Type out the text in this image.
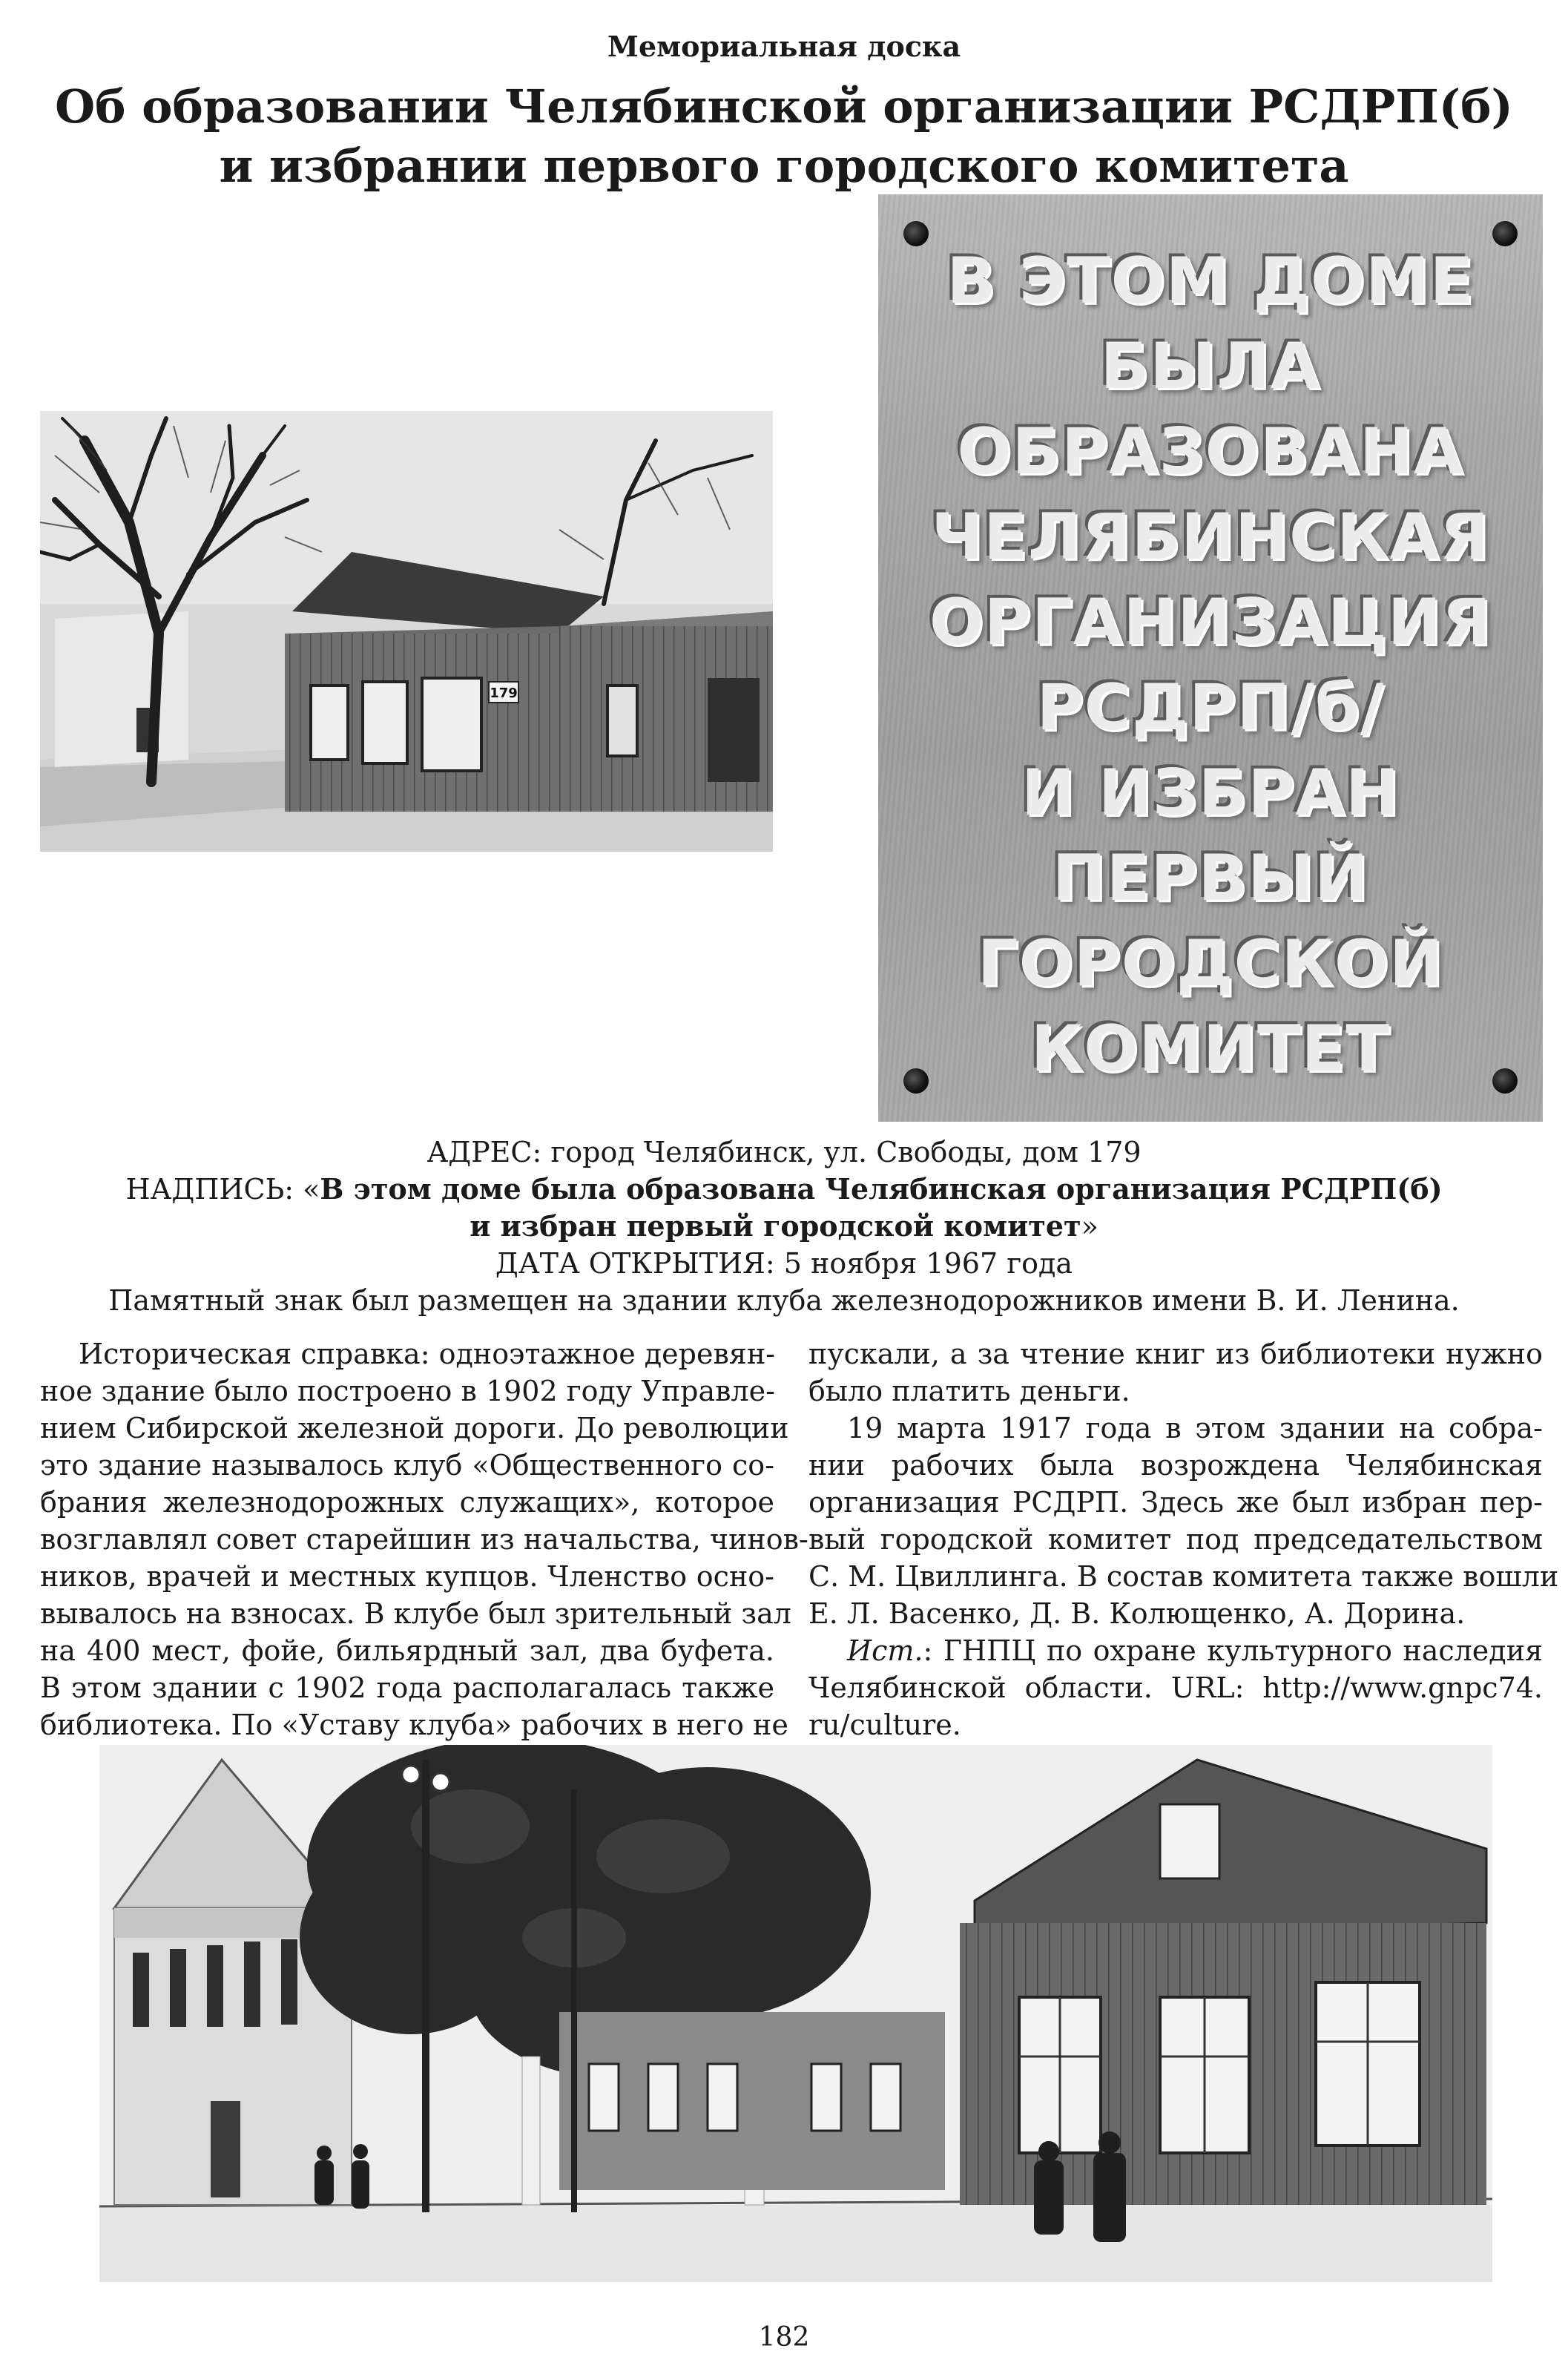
Мемориальная доска
Об образовании Челябинской организации РСДРП(б)
и избрании первого городского комитета
179
В ЭТОМ ДОМЕ
БЫЛА
ОБРАЗОВАНА
ЧЕЛЯБИНСКАЯ
ОРГАНИЗАЦИЯ
РСДРП/б/
И ИЗБРАН
ПЕРВЫЙ
ГОРОДСКОЙ
КОМИТЕТ
АДРЕС: город Челябинск, ул. Свободы, дом 179
НАДПИСЬ: «В этом доме была образована Челябинская организация РСДРП(б)
и избран первый городской комитет»
ДАТА ОТКРЫТИЯ: 5 ноября 1967 года
Памятный знак был размещен на здании клуба железнодорожников имени В. И. Ленина.
Историческая справка: одноэтажное деревян-
ное здание было построено в 1902 году Управле-
нием Сибирской железной дороги. До революции
это здание называлось клуб «Общественного со-
брания железнодорожных служащих», которое
возглавлял совет старейшин из начальства, чинов-
ников, врачей и местных купцов. Членство осно-
вывалось на взносах. В клубе был зрительный зал
на 400 мест, фойе, бильярдный зал, два буфета.
В этом здании с 1902 года располагалась также
библиотека. По «Уставу клуба» рабочих в него не
пускали, а за чтение книг из библиотеки нужно
было платить деньги.
19 марта 1917 года в этом здании на собра-
нии рабочих была возрождена Челябинская
организация РСДРП. Здесь же был избран пер-
вый городской комитет под председательством
С. М. Цвиллинга. В состав комитета также вошли
Е. Л. Васенко, Д. В. Колющенко, А. Дорина.
Ист.: ГНПЦ по охране культурного наследия
Челябинской области. URL: http://www.gnpc74.
ru/culture.
182
